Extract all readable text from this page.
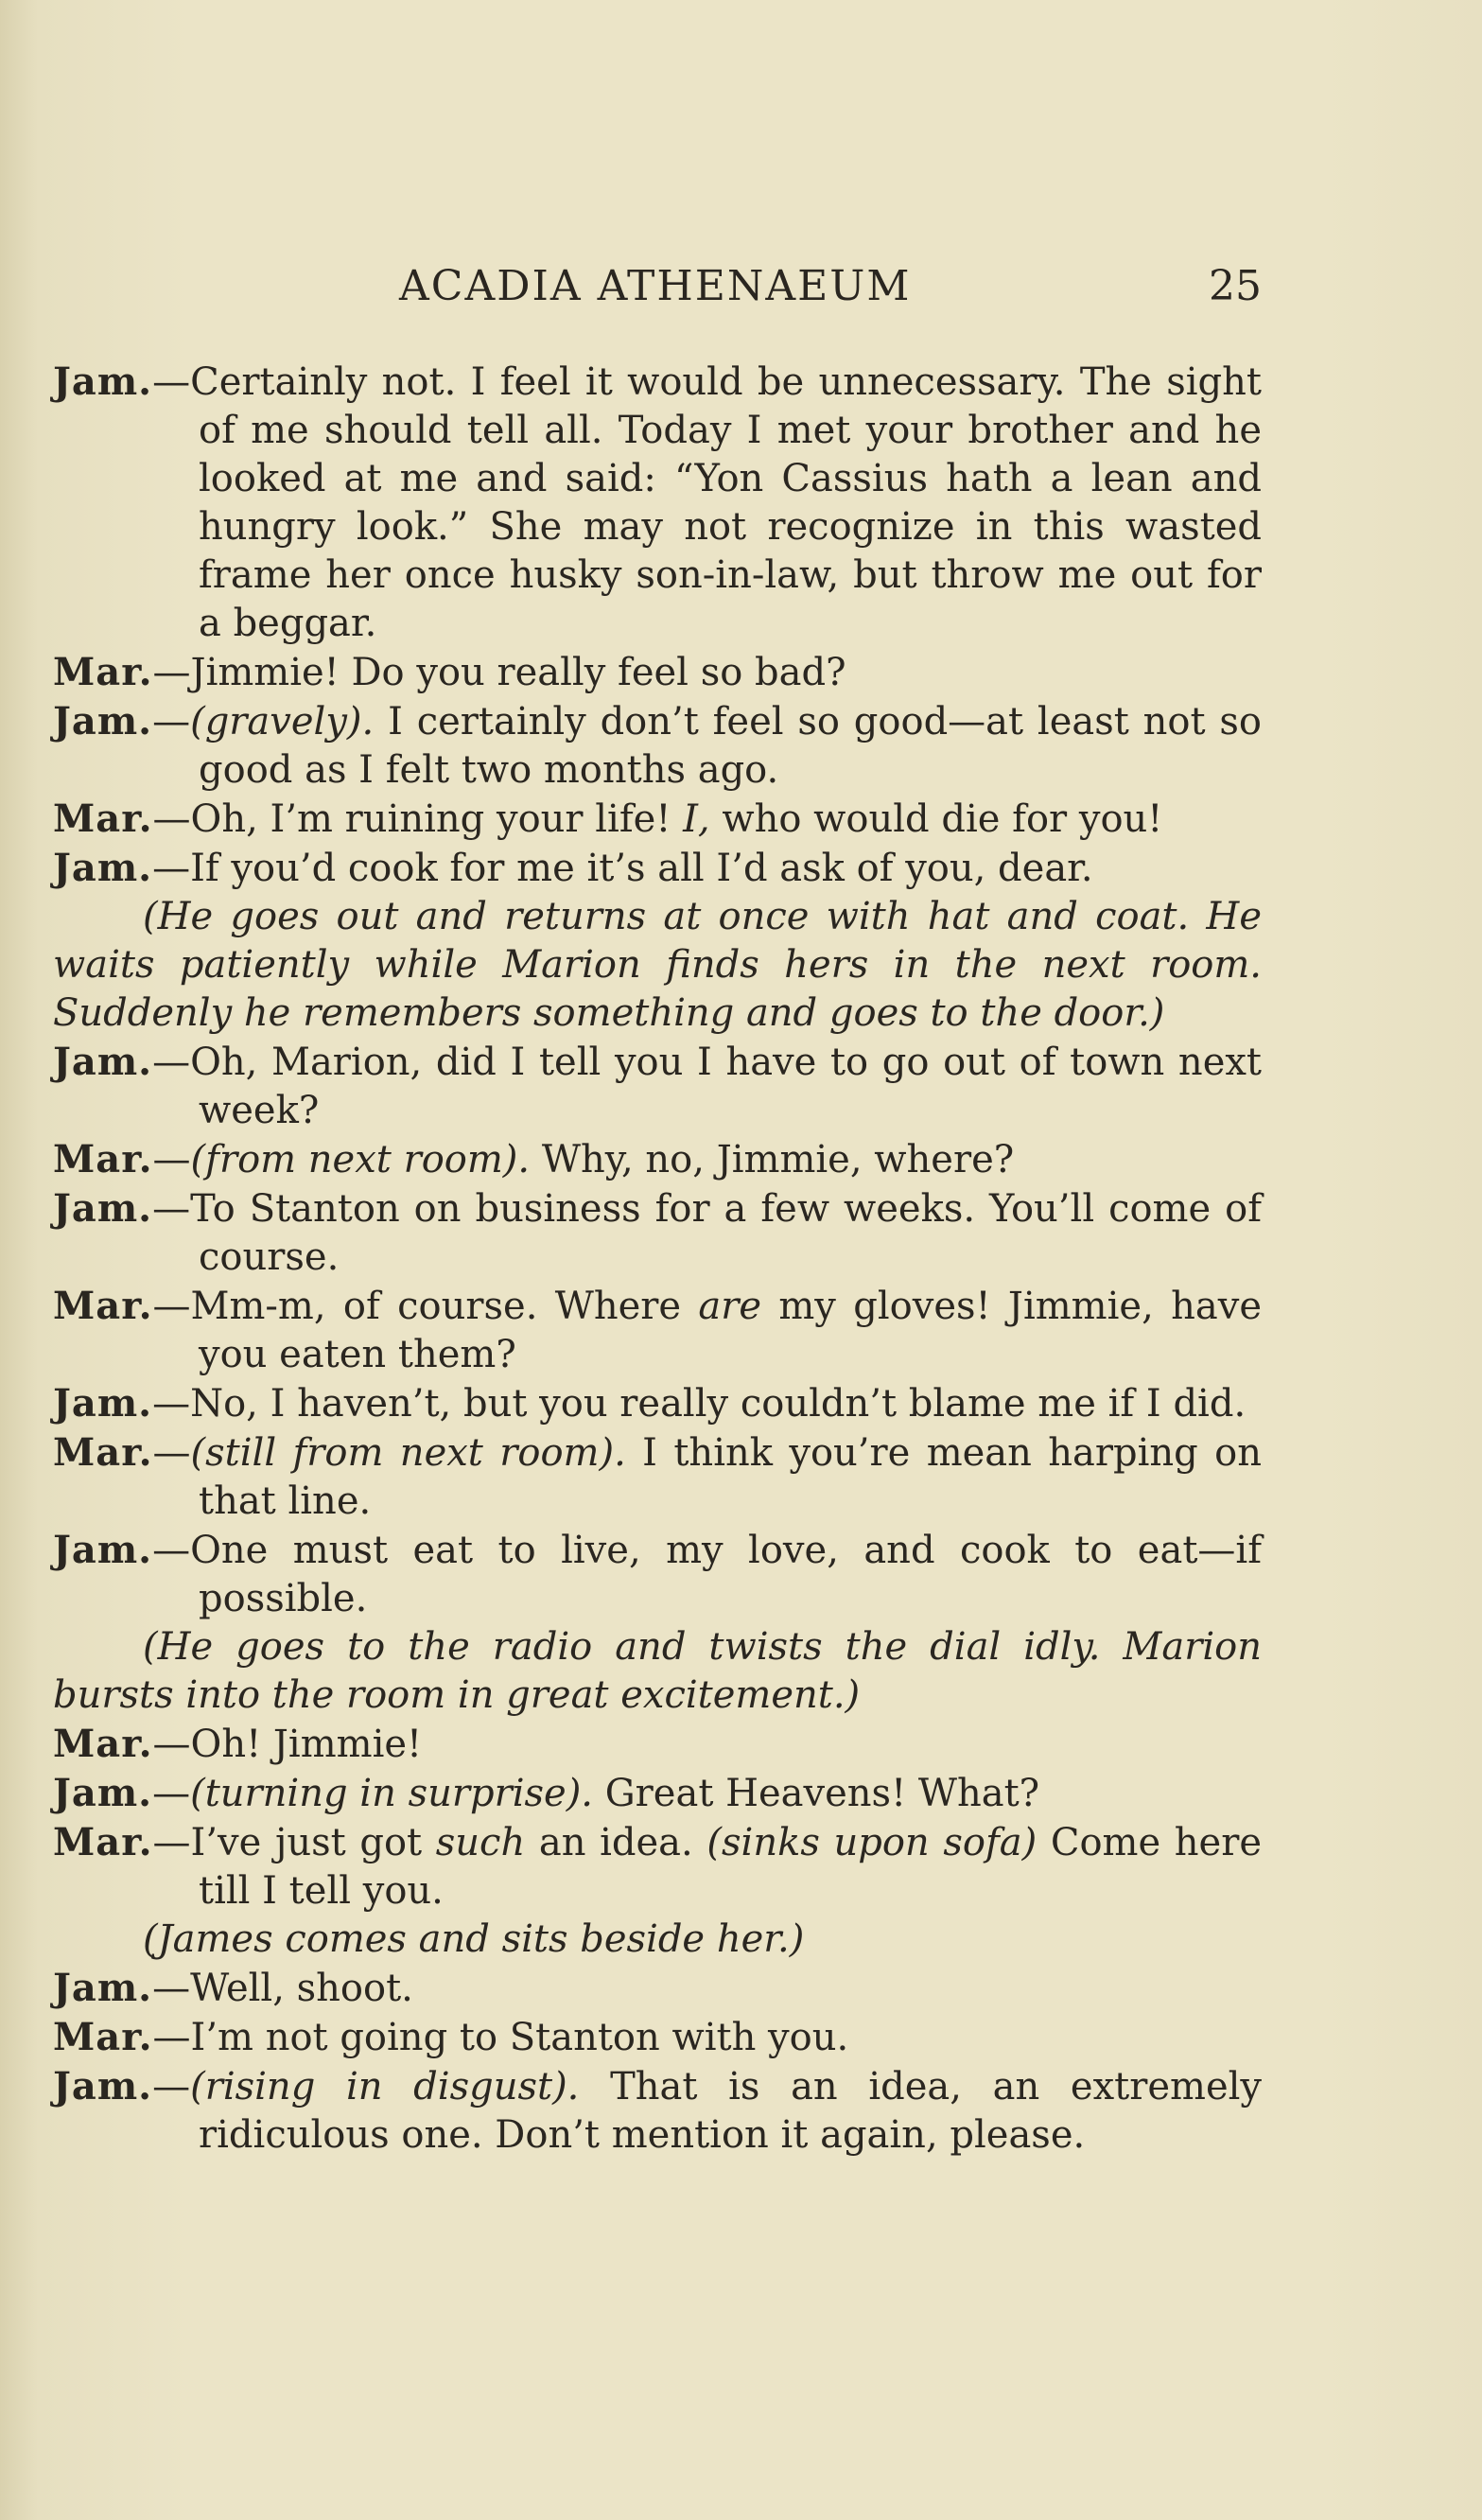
ACADIA ATHENAEUM	25

Jam.—Certainly not. I feel it would be unnecessary. The sight of me should tell all. Today I met your brother and he looked at me and said: “Yon Cassius hath a lean and hungry look.” She may not recognize in this wasted frame her once husky son-in-law, but throw me out for a beggar.

Mar.—Jimmie! Do you really feel so bad?

Jam.—(gravely). I certainly don’t feel so good—at least not so good as I felt two months ago.

Mar.—Oh, I’m ruining your life! I, who would die for you!

Jam.—If you’d cook for me it’s all I’d ask of you, dear.

(He goes out and returns at once with hat and coat. He waits patiently while Marion finds hers in the next room. Suddenly he remembers something and goes to the door.)

Jam.—Oh, Marion, did I tell you I have to go out of town next week?

Mar.—(from next room). Why, no, Jimmie, where?

Jam.—To Stanton on business for a few weeks. You’ll come of course.

Mar.—Mm-m, of course. Where are my gloves! Jimmie, have you eaten them?

Jam.—No, I haven’t, but you really couldn’t blame me if I did.

Mar.—(still from next room). I think you’re mean harping on that line.

Jam.—One must eat to live, my love, and cook to eat—if possible.

(He goes to the radio and twists the dial idly. Marion bursts into the room in great excitement.)

Mar.—Oh! Jimmie!

Jam.—(turning in surprise). Great Heavens! What?

Mar.—I’ve just got such an idea. (sinks upon sofa) Come here till I tell you.

(James comes and sits beside her.)

Jam.—Well, shoot.

Mar.—I’m not going to Stanton with you.

Jam.—(rising in disgust). That is an idea, an extremely ridiculous one. Don’t mention it again, please.
